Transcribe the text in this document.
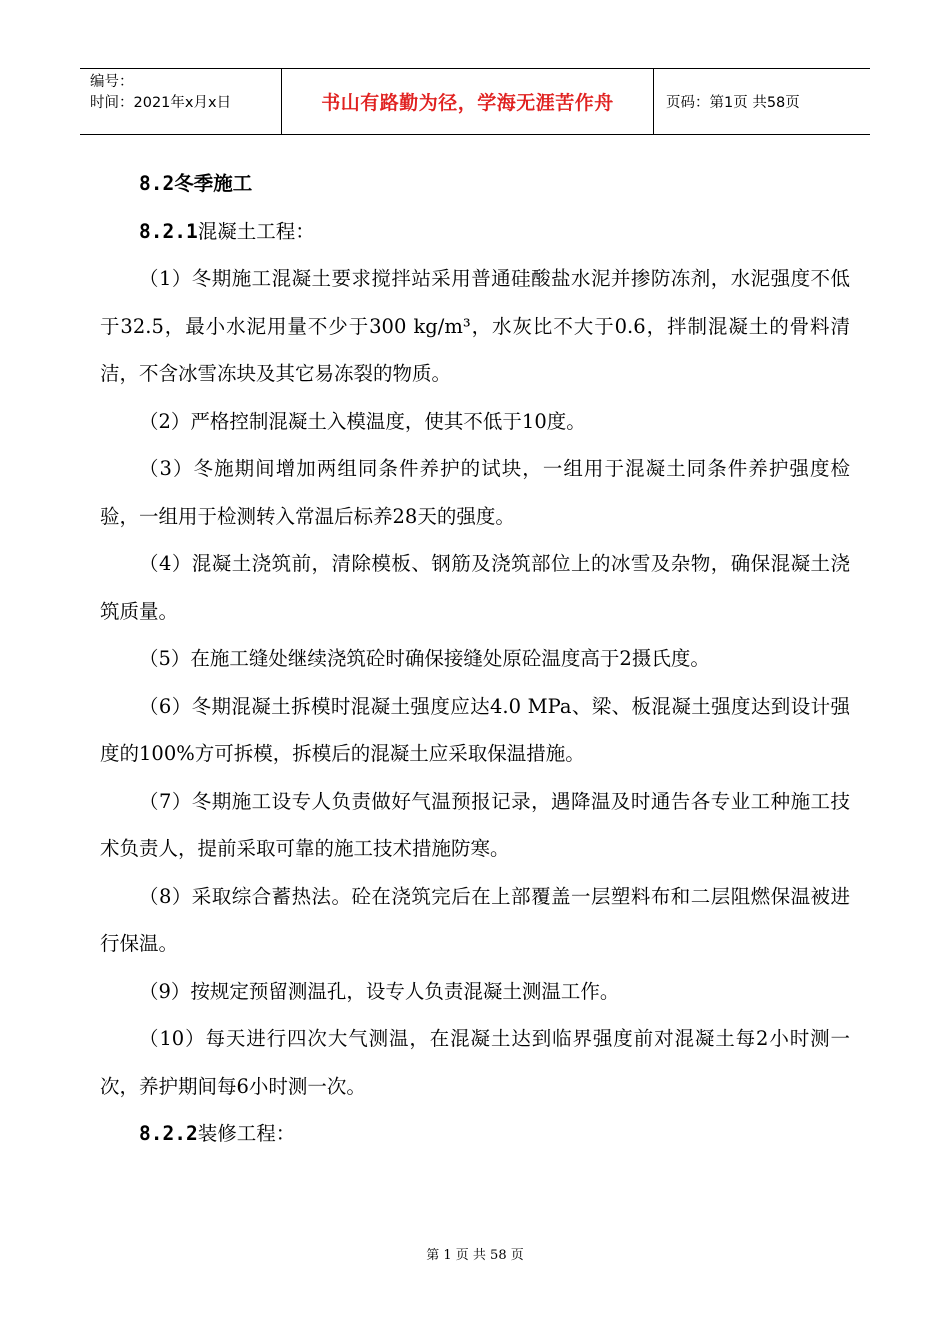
编号：
时间：2021年x月x日	书山有路勤为径，学海无涯苦作舟	页码：第1页 共58页

8.2冬季施工

8.2.1混凝土工程：

（1）冬期施工混凝土要求搅拌站采用普通硅酸盐水泥并掺防冻剂，水泥强度不低于32.5，最小水泥用量不少于300 kg/m³，水灰比不大于0.6，拌制混凝土的骨料清洁，不含冰雪冻块及其它易冻裂的物质。

（2）严格控制混凝土入模温度，使其不低于10度。

（3）冬施期间增加两组同条件养护的试块，一组用于混凝土同条件养护强度检验，一组用于检测转入常温后标养28天的强度。

（4）混凝土浇筑前，清除模板、钢筋及浇筑部位上的冰雪及杂物，确保混凝土浇筑质量。

（5）在施工缝处继续浇筑砼时确保接缝处原砼温度高于2摄氏度。

（6）冬期混凝土拆模时混凝土强度应达4.0 MPa、梁、板混凝土强度达到设计强度的100%方可拆模，拆模后的混凝土应采取保温措施。

（7）冬期施工设专人负责做好气温预报记录，遇降温及时通告各专业工种施工技术负责人，提前采取可靠的施工技术措施防寒。

（8）采取综合蓄热法。砼在浇筑完后在上部覆盖一层塑料布和二层阻燃保温被进行保温。

（9）按规定预留测温孔，设专人负责混凝土测温工作。

（10）每天进行四次大气测温，在混凝土达到临界强度前对混凝土每2小时测一次，养护期间每6小时测一次。

8.2.2装修工程：

第 1 页 共 58 页
